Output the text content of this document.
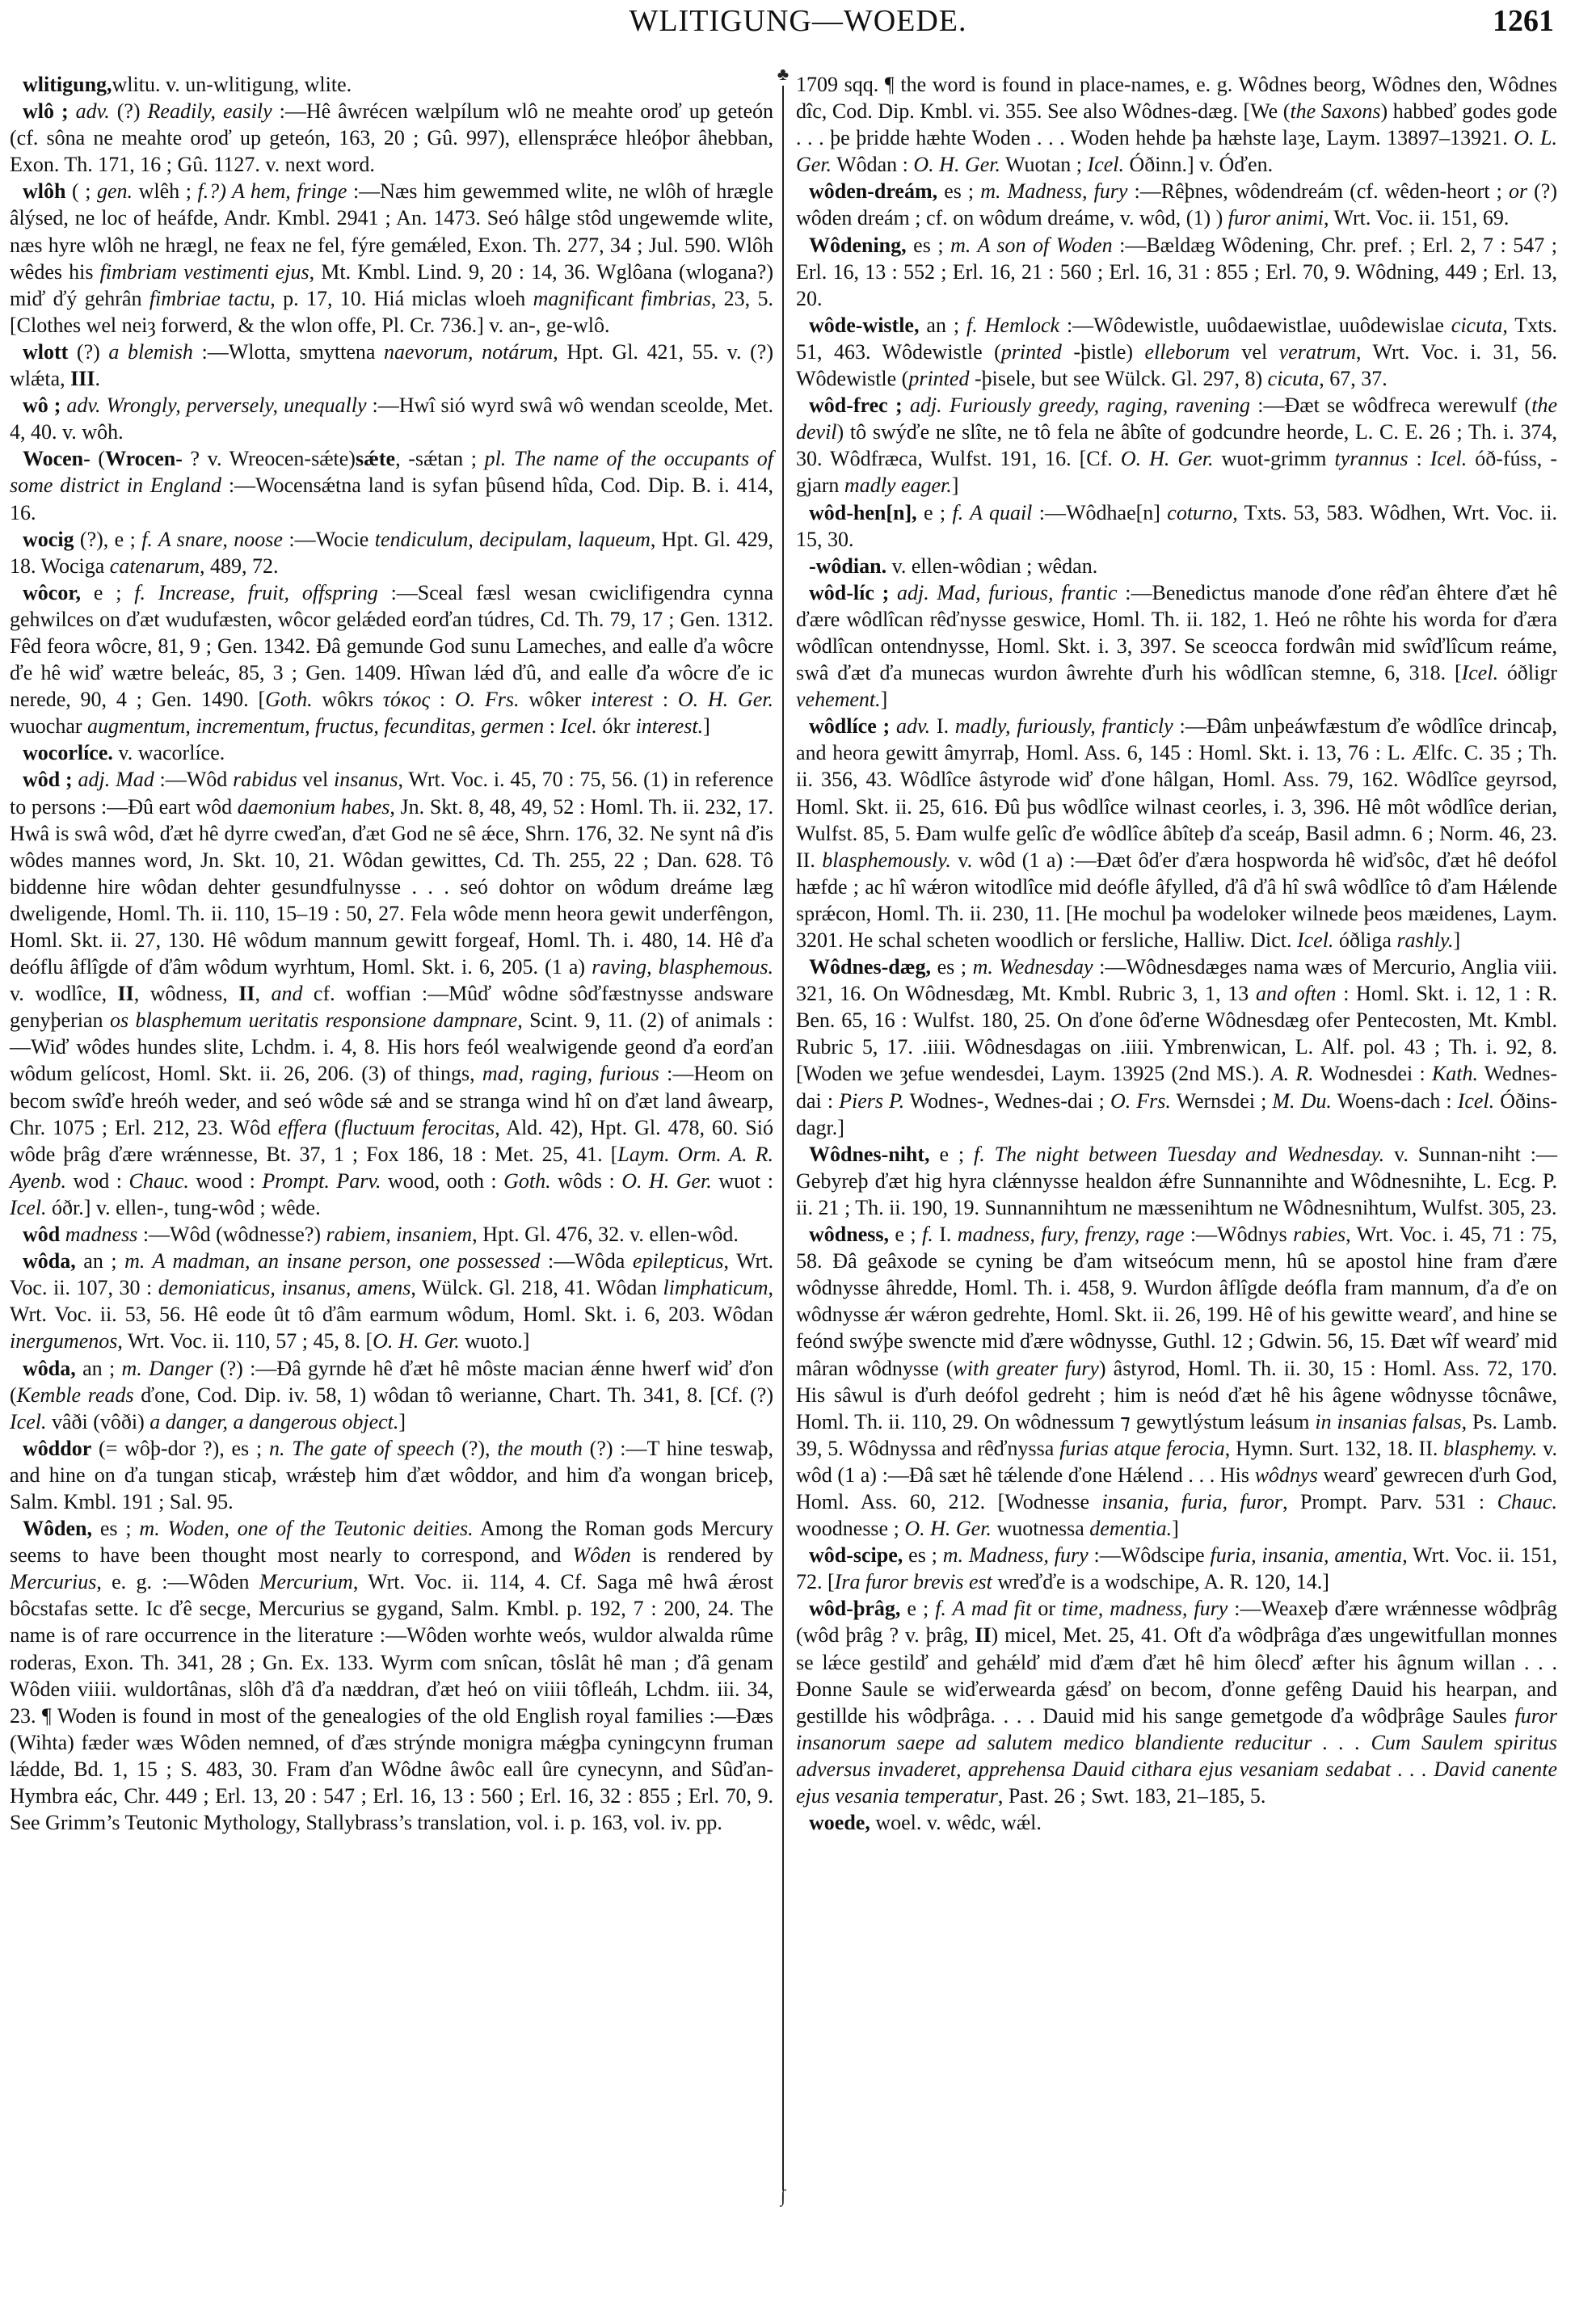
WLITIGUNG—WOEDE.	1261
♣
∫

wlitigung,wlitu. v. un-wlitigung, wlite.

wlô ; adv. (?) Readily, easily :—Hê âwrécen wælpílum wlô ne meahte oroď up geteón (cf. sôna ne meahte oroď up geteón, 163, 20 ; Gû. 997), ellensprǽce hleóþor âhebban, Exon. Th. 171, 16 ; Gû. 1127. v. next word.

wlôh ( ; gen. wlêh ; f.?) A hem, fringe :—Næs him gewemmed wlite, ne wlôh of hrægle âlýsed, ne loc of heáfde, Andr. Kmbl. 2941 ; An. 1473. Seó hâlge stôd ungewemde wlite, næs hyre wlôh ne hrægl, ne feax ne fel, fýre gemǽled, Exon. Th. 277, 34 ; Jul. 590. Wlôh wêdes his fimbriam vestimenti ejus, Mt. Kmbl. Lind. 9, 20 : 14, 36. Wglôana (wlogana?) miď ďý gehrân fimbriae tactu, p. 17, 10. Hiá miclas wloeh magnificant fimbrias, 23, 5. [Clothes wel neiȝ forwerd, & the wlon offe, Pl. Cr. 736.] v. an-, ge-wlô.

wlott (?) a blemish :—Wlotta, smyttena naevorum, notárum, Hpt. Gl. 421, 55. v. (?) wlǽta, III.

wô ; adv. Wrongly, perversely, unequally :—Hwî sió wyrd swâ wô wendan sceolde, Met. 4, 40. v. wôh.

Wocen- (Wrocen- ? v. Wreocen-sǽte)sǽte, -sǽtan ; pl. The name of the occupants of some district in England :—Wocensǽtna land is syfan þûsend hîda, Cod. Dip. B. i. 414, 16.

wocig (?), e ; f. A snare, noose :—Wocie tendiculum, decipulam, laqueum, Hpt. Gl. 429, 18. Wociga catenarum, 489, 72.

wôcor, e ; f. Increase, fruit, offspring :—Sceal fæsl wesan cwiclifigendra cynna gehwilces on ďæt wudufæsten, wôcor gelǽded eorďan túdres, Cd. Th. 79, 17 ; Gen. 1312. Fêd feora wôcre, 81, 9 ; Gen. 1342. Ðâ gemunde God sunu Lameches, and ealle ďa wôcre ďe hê wiď wætre beleác, 85, 3 ; Gen. 1409. Hîwan lǽd ďû, and ealle ďa wôcre ďe ic nerede, 90, 4 ; Gen. 1490. [Goth. wôkrs τόκος : O. Frs. wôker interest : O. H. Ger. wuochar augmentum, incrementum, fructus, fecunditas, germen : Icel. ókr interest.]

wocorlíce. v. wacorlíce.

wôd ; adj. Mad :—Wôd rabidus vel insanus, Wrt. Voc. i. 45, 70 : 75, 56. (1) in reference to persons :—Ðû eart wôd daemonium habes, Jn. Skt. 8, 48, 49, 52 : Homl. Th. ii. 232, 17. Hwâ is swâ wôd, ďæt hê dyrre cweďan, ďæt God ne sê ǽce, Shrn. 176, 32. Ne synt nâ ďis wôdes mannes word, Jn. Skt. 10, 21. Wôdan gewittes, Cd. Th. 255, 22 ; Dan. 628. Tô biddenne hire wôdan dehter gesundfulnysse . . . seó dohtor on wôdum dreáme læg dweligende, Homl. Th. ii. 110, 15–19 : 50, 27. Fela wôde menn heora gewit underfêngon, Homl. Skt. ii. 27, 130. Hê wôdum mannum gewitt forgeaf, Homl. Th. i. 480, 14. Hê ďa deóflu âflîgde of ďâm wôdum wyrhtum, Homl. Skt. i. 6, 205. (1 a) raving, blasphemous. v. wodlîce, II, wôdness, II, and cf. woffian :—Mûď wôdne sôďfæstnysse andsware genyþerian os blasphemum ueritatis responsione dampnare, Scint. 9, 11. (2) of animals :—Wiď wôdes hundes slite, Lchdm. i. 4, 8. His hors feól wealwigende geond ďa eorďan wôdum gelícost, Homl. Skt. ii. 26, 206. (3) of things, mad, raging, furious :—Heom on becom swîďe hreóh weder, and seó wôde sǽ and se stranga wind hî on ďæt land âwearp, Chr. 1075 ; Erl. 212, 23. Wôd effera (fluctuum ferocitas, Ald. 42), Hpt. Gl. 478, 60. Sió wôde þrâg ďære wrǽnnesse, Bt. 37, 1 ; Fox 186, 18 : Met. 25, 41. [Laym. Orm. A. R. Ayenb. wod : Chauc. wood : Prompt. Parv. wood, ooth : Goth. wôds : O. H. Ger. wuot : Icel. óðr.] v. ellen-, tung-wôd ; wêde.

wôd madness :—Wôd (wôdnesse?) rabiem, insaniem, Hpt. Gl. 476, 32. v. ellen-wôd.

wôda, an ; m. A madman, an insane person, one possessed :—Wôda epilepticus, Wrt. Voc. ii. 107, 30 : demoniaticus, insanus, amens, Wülck. Gl. 218, 41. Wôdan limphaticum, Wrt. Voc. ii. 53, 56. Hê eode ût tô ďâm earmum wôdum, Homl. Skt. i. 6, 203. Wôdan inergumenos, Wrt. Voc. ii. 110, 57 ; 45, 8. [O. H. Ger. wuoto.]

wôda, an ; m. Danger (?) :—Ðâ gyrnde hê ďæt hê môste macian ǽnne hwerf wiď ďon (Kemble reads ďone, Cod. Dip. iv. 58, 1) wôdan tô werianne, Chart. Th. 341, 8. [Cf. (?) Icel. vâði (vôði) a danger, a dangerous object.]

wôddor (= wôþ-dor ?), es ; n. The gate of speech (?), the mouth (?) :—T hine teswaþ, and hine on ďa tungan sticaþ, wrǽsteþ him ďæt wôddor, and him ďa wongan briceþ, Salm. Kmbl. 191 ; Sal. 95.

Wôden, es ; m. Woden, one of the Teutonic deities. Among the Roman gods Mercury seems to have been thought most nearly to correspond, and Wôden is rendered by Mercurius, e. g. :—Wôden Mercurium, Wrt. Voc. ii. 114, 4. Cf. Saga mê hwâ ǽrost bôcstafas sette. Ic ďê secge, Mercurius se gygand, Salm. Kmbl. p. 192, 7 : 200, 24. The name is of rare occurrence in the literature :—Wôden worhte weós, wuldor alwalda rûme roderas, Exon. Th. 341, 28 ; Gn. Ex. 133. Wyrm com snîcan, tôslât hê man ; ďâ genam Wôden viiii. wuldortânas, slôh ďâ ďa næddran, ďæt heó on viiii tôfleáh, Lchdm. iii. 34, 23. ¶ Woden is found in most of the genealogies of the old English royal families :—Ðæs (Wihta) fæder wæs Wôden nemned, of ďæs strýnde monigra mǽgþa cyningcynn fruman lǽdde, Bd. 1, 15 ; S. 483, 30. Fram ďan Wôdne âwôc eall ûre cynecynn, and Sûďan-Hymbra eác, Chr. 449 ; Erl. 13, 20 : 547 ; Erl. 16, 13 : 560 ; Erl. 16, 32 : 855 ; Erl. 70, 9. See Grimm’s Teutonic Mythology, Stallybrass’s translation, vol. i. p. 163, vol. iv. pp.

1709 sqq. ¶ the word is found in place-names, e. g. Wôdnes beorg, Wôdnes den, Wôdnes dîc, Cod. Dip. Kmbl. vi. 355. See also Wôdnes-dæg. [We (the Saxons) habbeď godes gode . . . þe þridde hæhte Woden . . . Woden hehde þa hæhste laȝe, Laym. 13897–13921. O. L. Ger. Wôdan : O. H. Ger. Wuotan ; Icel. Óðinn.] v. Óďen.

wôden-dreám, es ; m. Madness, fury :—Rêþnes, wôdendreám (cf. wêden-heort ; or (?) wôden dreám ; cf. on wôdum dreáme, v. wôd, (1) ) furor animi, Wrt. Voc. ii. 151, 69.

Wôdening, es ; m. A son of Woden :—Bældæg Wôdening, Chr. pref. ; Erl. 2, 7 : 547 ; Erl. 16, 13 : 552 ; Erl. 16, 21 : 560 ; Erl. 16, 31 : 855 ; Erl. 70, 9. Wôdning, 449 ; Erl. 13, 20.

wôde-wistle, an ; f. Hemlock :—Wôdewistle, uuôdaewistlae, uuôdewislae cicuta, Txts. 51, 463. Wôdewistle (printed -þistle) elleborum vel veratrum, Wrt. Voc. i. 31, 56. Wôdewistle (printed -þisele, but see Wülck. Gl. 297, 8) cicuta, 67, 37.

wôd-frec ; adj. Furiously greedy, raging, ravening :—Ðæt se wôdfreca werewulf (the devil) tô swýďe ne slîte, ne tô fela ne âbîte of godcundre heorde, L. C. E. 26 ; Th. i. 374, 30. Wôdfræca, Wulfst. 191, 16. [Cf. O. H. Ger. wuot-grimm tyrannus : Icel. óð-fúss, -gjarn madly eager.]

wôd-hen[n], e ; f. A quail :—Wôdhae[n] coturno, Txts. 53, 583. Wôdhen, Wrt. Voc. ii. 15, 30.

-wôdian. v. ellen-wôdian ; wêdan.

wôd-líc ; adj. Mad, furious, frantic :—Benedictus manode ďone rêďan êhtere ďæt hê ďære wôdlîcan rêďnysse geswice, Homl. Th. ii. 182, 1. Heó ne rôhte his worda for ďæra wôdlîcan ontendnysse, Homl. Skt. i. 3, 397. Se sceocca fordwân mid swîďlîcum reáme, swâ ďæt ďa munecas wurdon âwrehte ďurh his wôdlîcan stemne, 6, 318. [Icel. óðligr vehement.]

wôdlíce ; adv. I. madly, furiously, franticly :—Ðâm unþeáwfæstum ďe wôdlîce drincaþ, and heora gewitt âmyrraþ, Homl. Ass. 6, 145 : Homl. Skt. i. 13, 76 : L. Ælfc. C. 35 ; Th. ii. 356, 43. Wôdlîce âstyrode wiď ďone hâlgan, Homl. Ass. 79, 162. Wôdlîce geyrsod, Homl. Skt. ii. 25, 616. Ðû þus wôdlîce wilnast ceorles, i. 3, 396. Hê môt wôdlîce derian, Wulfst. 85, 5. Ðam wulfe gelîc ďe wôdlîce âbîteþ ďa sceáp, Basil admn. 6 ; Norm. 46, 23. II. blasphemously. v. wôd (1 a) :—Ðæt ôďer ďæra hospworda hê wiďsôc, ďæt hê deófol hæfde ; ac hî wǽron witodlîce mid deófle âfylled, ďâ ďâ hî swâ wôdlîce tô ďam Hǽlende sprǽcon, Homl. Th. ii. 230, 11. [He mochul þa wodeloker wilnede þeos mæidenes, Laym. 3201. He schal scheten woodlich or fersliche, Halliw. Dict. Icel. óðliga rashly.]

Wôdnes-dæg, es ; m. Wednesday :—Wôdnesdæges nama wæs of Mercurio, Anglia viii. 321, 16. On Wôdnesdæg, Mt. Kmbl. Rubric 3, 1, 13 and often : Homl. Skt. i. 12, 1 : R. Ben. 65, 16 : Wulfst. 180, 25. On ďone ôďerne Wôdnesdæg ofer Pentecosten, Mt. Kmbl. Rubric 5, 17. .iiii. Wôdnesdagas on .iiii. Ymbrenwican, L. Alf. pol. 43 ; Th. i. 92, 8. [Woden we ȝefue wendesdei, Laym. 13925 (2nd MS.). A. R. Wodnesdei : Kath. Wednes-dai : Piers P. Wodnes-, Wednes-dai ; O. Frs. Wernsdei ; M. Du. Woens-dach : Icel. Óðins-dagr.]

Wôdnes-niht, e ; f. The night between Tuesday and Wednesday. v. Sunnan-niht :—Gebyreþ ďæt hig hyra clǽnnysse healdon ǽfre Sunnannihte and Wôdnesnihte, L. Ecg. P. ii. 21 ; Th. ii. 190, 19. Sunnannihtum ne mæssenihtum ne Wôdnesnihtum, Wulfst. 305, 23.

wôdness, e ; f. I. madness, fury, frenzy, rage :—Wôdnys rabies, Wrt. Voc. i. 45, 71 : 75, 58. Ðâ geâxode se cyning be ďam witseócum menn, hû se apostol hine fram ďære wôdnysse âhredde, Homl. Th. i. 458, 9. Wurdon âflîgde deófla fram mannum, ďa ďe on wôdnysse ǽr wǽron gedrehte, Homl. Skt. ii. 26, 199. Hê of his gewitte wearď, and hine se feónd swýþe swencte mid ďære wôdnysse, Guthl. 12 ; Gdwin. 56, 15. Ðæt wîf wearď mid mâran wôdnysse (with greater fury) âstyrod, Homl. Th. ii. 30, 15 : Homl. Ass. 72, 170. His sâwul is ďurh deófol gedreht ; him is neód ďæt hê his âgene wôdnysse tôcnâwe, Homl. Th. ii. 110, 29. On wôdnessum ⁊ gewytlýstum leásum in insanias falsas, Ps. Lamb. 39, 5. Wôdnyssa and rêďnyssa furias atque ferocia, Hymn. Surt. 132, 18. II. blasphemy. v. wôd (1 a) :—Ðâ sæt hê tǽlende ďone Hǽlend . . . His wôdnys wearď gewrecen ďurh God, Homl. Ass. 60, 212. [Wodnesse insania, furia, furor, Prompt. Parv. 531 : Chauc. woodnesse ; O. H. Ger. wuotnessa dementia.]

wôd-scipe, es ; m. Madness, fury :—Wôdscipe furia, insania, amentia, Wrt. Voc. ii. 151, 72. [Ira furor brevis est wreďďe is a wodschipe, A. R. 120, 14.]

wôd-þrâg, e ; f. A mad fit or time, madness, fury :—Weaxeþ ďære wrǽnnesse wôdþrâg (wôd þrâg ? v. þrâg, II) micel, Met. 25, 41. Oft ďa wôdþrâga ďæs ungewitfullan monnes se lǽce gestilď and gehǽlď mid ďæm ďæt hê him ôlecď æfter his âgnum willan . . . Ðonne Saule se wiďerwearda gǽsď on becom, ďonne gefêng Dauid his hearpan, and gestillde his wôdþrâga. . . . Dauid mid his sange gemetgode ďa wôdþrâge Saules furor insanorum saepe ad salutem medico blandiente reducitur . . . Cum Saulem spiritus adversus invaderet, apprehensa Dauid cithara ejus vesaniam sedabat . . . David canente ejus vesania temperatur, Past. 26 ; Swt. 183, 21–185, 5.

woede, woel. v. wêdc, wǽl.
